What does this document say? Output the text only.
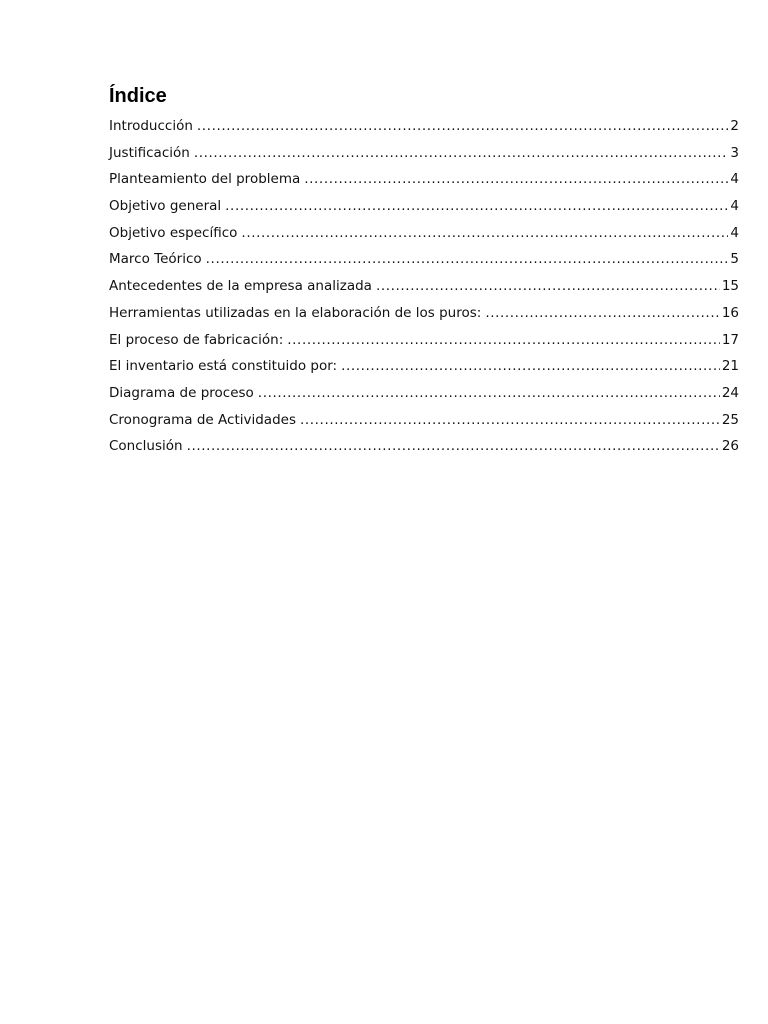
Índice
Introducción .....	2
Justificación .....	3
Planteamiento del problema .....	4
Objetivo general .....	4
Objetivo específico .....	4
Marco Teórico .....	5
Antecedentes de la empresa analizada .....	15
Herramientas utilizadas en la elaboración de los puros: .....	16
El proceso de fabricación: .....	17
El inventario está constituido por: .....	21
Diagrama de proceso .....	24
Cronograma de Actividades .....	25
Conclusión .....	26
